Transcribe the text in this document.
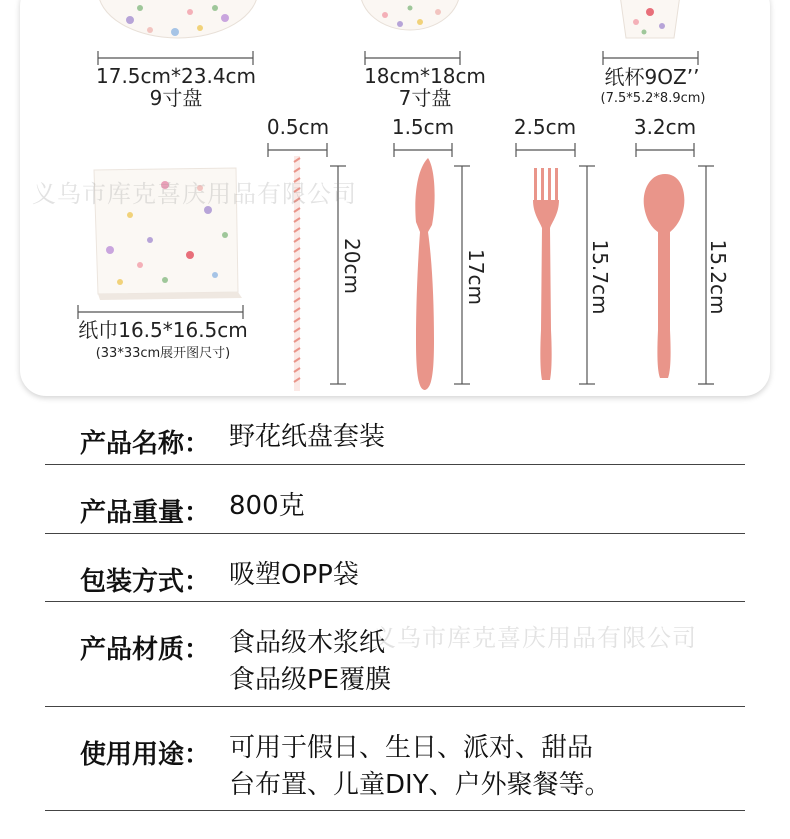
17.5cm*23.4cm
9寸盘
18cm*18cm
7寸盘
纸杯9OZ’’
(7.5*5.2*8.9cm)
纸巾16.5*16.5cm
(33*33cm展开图尺寸)
0.5cm	1.5cm	2.5cm	3.2cm
20cm	17cm	15.7cm	15.2cm
义乌市库克喜庆用品有限公司
义乌市库克喜庆用品有限公司
产品名称： 野花纸盘套装
产品重量： 800克
包装方式： 吸塑OPP袋
产品材质： 食品级木浆纸
食品级PE覆膜
使用用途： 可用于假日、生日、派对、甜品
台布置、儿童DIY、户外聚餐等。
